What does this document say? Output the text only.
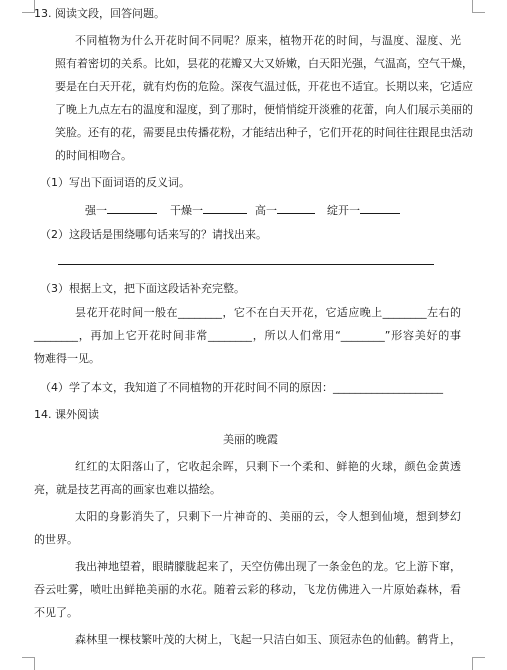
13. 阅读文段，回答问题。
不同植物为什么开花时间不同呢？原来，植物开花的时间，与温度、湿度、光
照有着密切的关系。比如，昙花的花瓣又大又娇嫩，白天阳光强，气温高，空气干燥，
要是在白天开花，就有灼伤的危险。深夜气温过低，开花也不适宜。长期以来，它适应
了晚上九点左右的温度和湿度，到了那时，便悄悄绽开淡雅的花蕾，向人们展示美丽的
笑脸。还有的花，需要昆虫传播花粉，才能结出种子，它们开花的时间往往跟昆虫活动
的时间相吻合。
（1）写出下面词语的反义词。
强一	干燥一	高一	绽开一
（2）这段话是围绕哪句话来写的？请找出来。
（3）根据上文，把下面这段话补充完整。
昙花开花时间一般在________，它不在白天开花，它适应晚上________左右的
________，再加上它开花时间非常________，所以人们常用“________”形容美好的事
物难得一见。
（4）学了本文，我知道了不同植物的开花时间不同的原因：____________________
14. 课外阅读
美丽的晚霞
红红的太阳落山了，它收起余晖，只剩下一个柔和、鲜艳的火球，颜色金黄透
亮，就是技艺再高的画家也难以描绘。
太阳的身影消失了，只剩下一片神奇的、美丽的云，令人想到仙境，想到梦幻
的世界。
我出神地望着，眼睛朦胧起来了，天空仿佛出现了一条金色的龙。它上游下窜，
吞云吐雾，喷吐出鲜艳美丽的水花。随着云彩的移动，飞龙仿佛进入一片原始森林，看
不见了。
森林里一棵枝繁叶茂的大树上，飞起一只洁白如玉、顶冠赤色的仙鹤。鹤背上，
